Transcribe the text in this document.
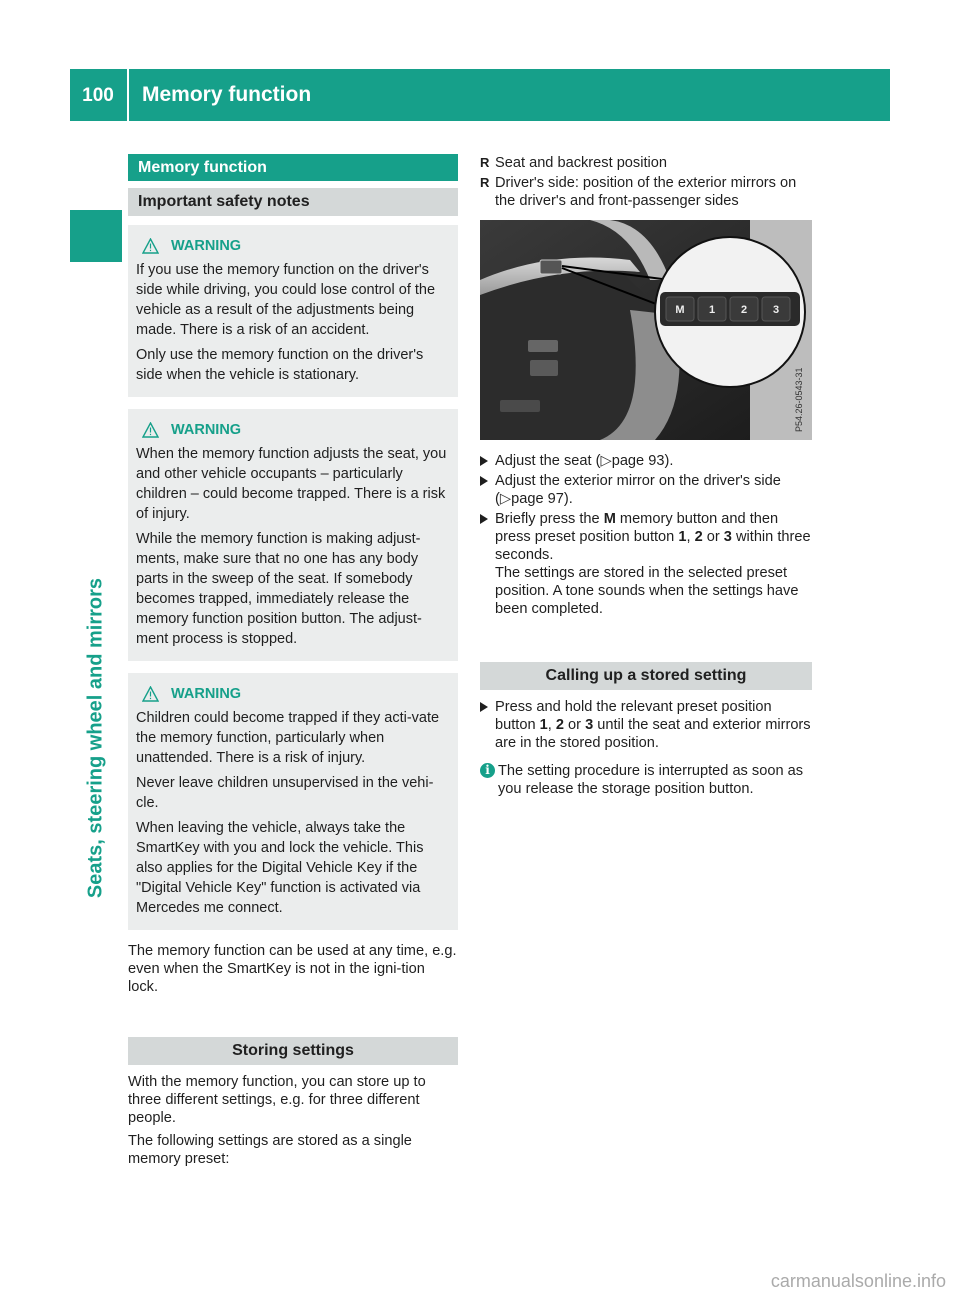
100	Memory function
Seats, steering wheel and mirrors
Memory function
Important safety notes
WARNING

If you use the memory function on the driver's side while driving, you could lose control of the vehicle as a result of the adjustments being made. There is a risk of an accident.

Only use the memory function on the driver's side when the vehicle is stationary.

WARNING

When the memory function adjusts the seat, you and other vehicle occupants – particularly children – could become trapped. There is a risk of injury.

While the memory function is making adjust-ments, make sure that no one has any body parts in the sweep of the seat. If somebody becomes trapped, immediately release the memory function position button. The adjust-ment process is stopped.

WARNING

Children could become trapped if they acti-vate the memory function, particularly when unattended. There is a risk of injury.

Never leave children unsupervised in the vehi-cle.

When leaving the vehicle, always take the SmartKey with you and lock the vehicle. This also applies for the Digital Vehicle Key if the "Digital Vehicle Key" function is activated via Mercedes me connect.

The memory function can be used at any time, e.g. even when the SmartKey is not in the igni-tion lock.

Storing settings

With the memory function, you can store up to three different settings, e.g. for three different people.

The following settings are stored as a single memory preset:

R Seat and backrest position
R Driver's side: position of the exterior mirrors on the driver's and front-passenger sides
M 1 2 3
P54.26-0543-31
Adjust the seat (▷page 93).
Adjust the exterior mirror on the driver's side (▷page 97).
Briefly press the M memory button and then press preset position button 1, 2 or 3 within three seconds.
The settings are stored in the selected preset position. A tone sounds when the settings have been completed.
Calling up a stored setting
Press and hold the relevant preset position button 1, 2 or 3 until the seat and exterior mirrors are in the stored position.
i The setting procedure is interrupted as soon as you release the storage position button.
carmanualsonline.info
